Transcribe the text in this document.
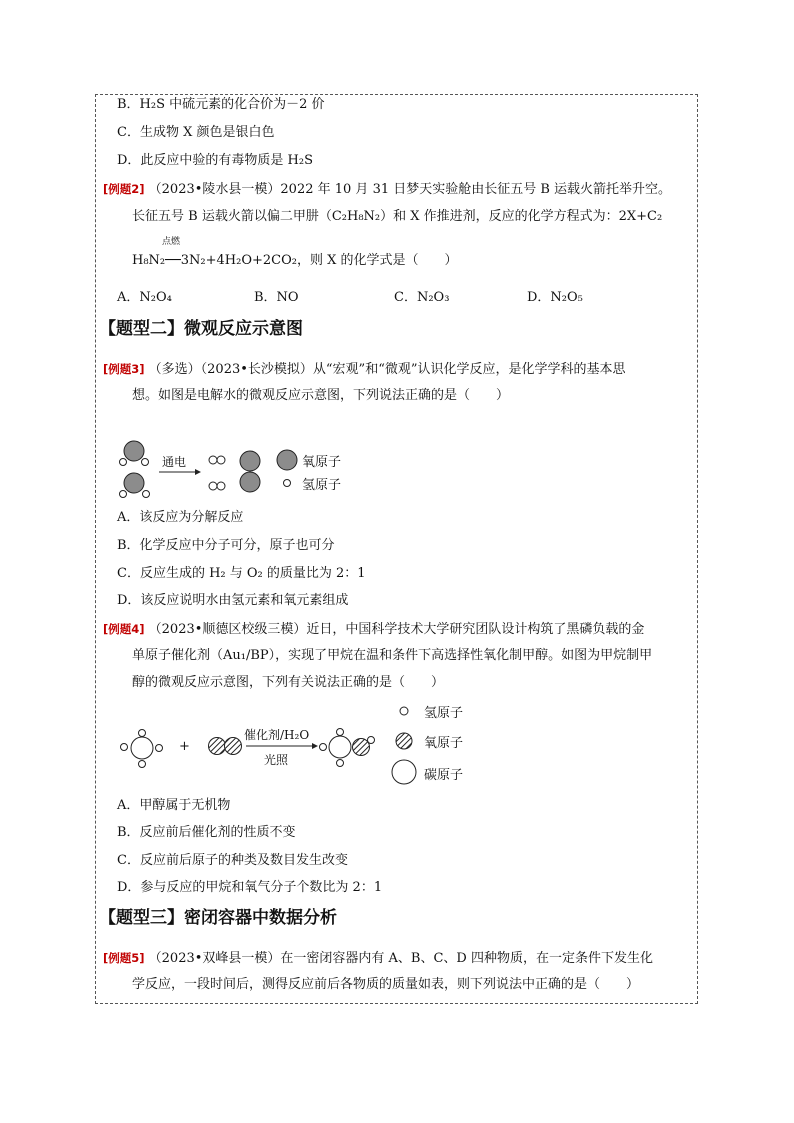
B．H₂S 中硫元素的化合价为－2 价
C．生成物 X 颜色是银白色
D．此反应中验的有毒物质是 H₂S
[例题2] （2023•陵水县一模）2022 年 10 月 31 日梦天实验舱由长征五号 B 运载火箭托举升空。
长征五号 B 运载火箭以偏二甲肼（C₂H₈N₂）和 X 作推进剂，反应的化学方程式为：2X+C₂
点燃
H₈N₂──3N₂+4H₂O+2CO₂，则 X 的化学式是（　　）
A．N₂O₄	B．NO	C．N₂O₃	D．N₂O₅
【题型二】微观反应示意图
[例题3] （多选）（2023•长沙模拟）从“宏观”和“微观”认识化学反应，是化学学科的基本思
想。如图是电解水的微观反应示意图，下列说法正确的是（　　）
通电	氧原子
氢原子
A．该反应为分解反应
B．化学反应中分子可分，原子也可分
C．反应生成的 H₂ 与 O₂ 的质量比为 2：1
D．该反应说明水由氢元素和氧元素组成
[例题4] （2023•顺德区校级三模）近日，中国科学技术大学研究团队设计构筑了黑磷负载的金
单原子催化剂（Au₁/BP），实现了甲烷在温和条件下高选择性氧化制甲醇。如图为甲烷制甲
醇的微观反应示意图，下列有关说法正确的是（　　）
+
催化剂/H₂O
光照
氢原子
氧原子
碳原子
A．甲醇属于无机物
B．反应前后催化剂的性质不变
C．反应前后原子的种类及数目发生改变
D．参与反应的甲烷和氧气分子个数比为 2：1
【题型三】密闭容器中数据分析
[例题5] （2023•双峰县一模）在一密闭容器内有 A、B、C、D 四种物质，在一定条件下发生化
学反应，一段时间后，测得反应前后各物质的质量如表，则下列说法中正确的是（　　）
